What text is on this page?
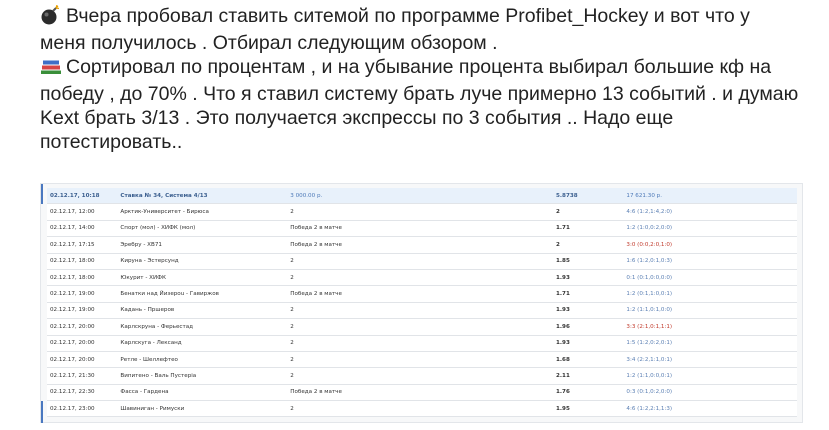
Вчера пробовал ставить ситемой по программе Profibet_Hockey и вот что у
меня получилось . Отбирал следующим обзором .
Сортировал по процентам , и на убывание процента выбирал большие кф на
победу , до 70% . Что я ставил систему брать луче примерно 13 событий . и думаю
Kext брать 3/13 . Это получается экспрессы по 3 события .. Надо еще
потестировать..
02.12.17, 10:18	Ставка № 34, Система 4/13	3 000.00 р.	5.8738	17 621.30 р.
02.12.17, 12:00	Арктик-Университет - Бирюса	2	2	4:6 (1:2,1:4,2:0)
02.12.17, 14:00	Спорт (мол) - ХИФК (мол)	Победа 2 в матче	1.71	1:2 (1:0,0:2,0:0)
02.12.17, 17:15	Эребру - ХВ71	Победа 2 в матче	2	3:0 (0:0,2:0,1:0)
02.12.17, 18:00	Кируна - Эстерсунд	2	1.85	1:6 (1:2,0:1,0:3)
02.12.17, 18:00	Юкурит - ХИФК	2	1.93	0:1 (0:1,0:0,0:0)
02.12.17, 19:00	Бенатки над Йизерou - Гавиржов	Победа 2 в матче	1.71	1:2 (0:1,1:0,0:1)
02.12.17, 19:00	Кадань - Пршеров	2	1.93	1:2 (1:1,0:1,0:0)
02.12.17, 20:00	Карлскруна - Ферьестад	2	1.96	3:3 (2:1,0:1,1:1)
02.12.17, 20:00	Карлскуга - Лександ	2	1.93	1:5 (1:2,0:2,0:1)
02.12.17, 20:00	Ретле - Шеллефтео	2	1.68	3:4 (2:2,1:1,0:1)
02.12.17, 21:30	Випитено - Валь Пустерia	2	2.11	1:2 (1:1,0:0,0:1)
02.12.17, 22:30	Фасса - Гардена	Победа 2 в матче	1.76	0:3 (0:1,0:2,0:0)
02.12.17, 23:00	Шавиниган - Римуски	2	1.95	4:6 (1:2,2:1,1:3)
